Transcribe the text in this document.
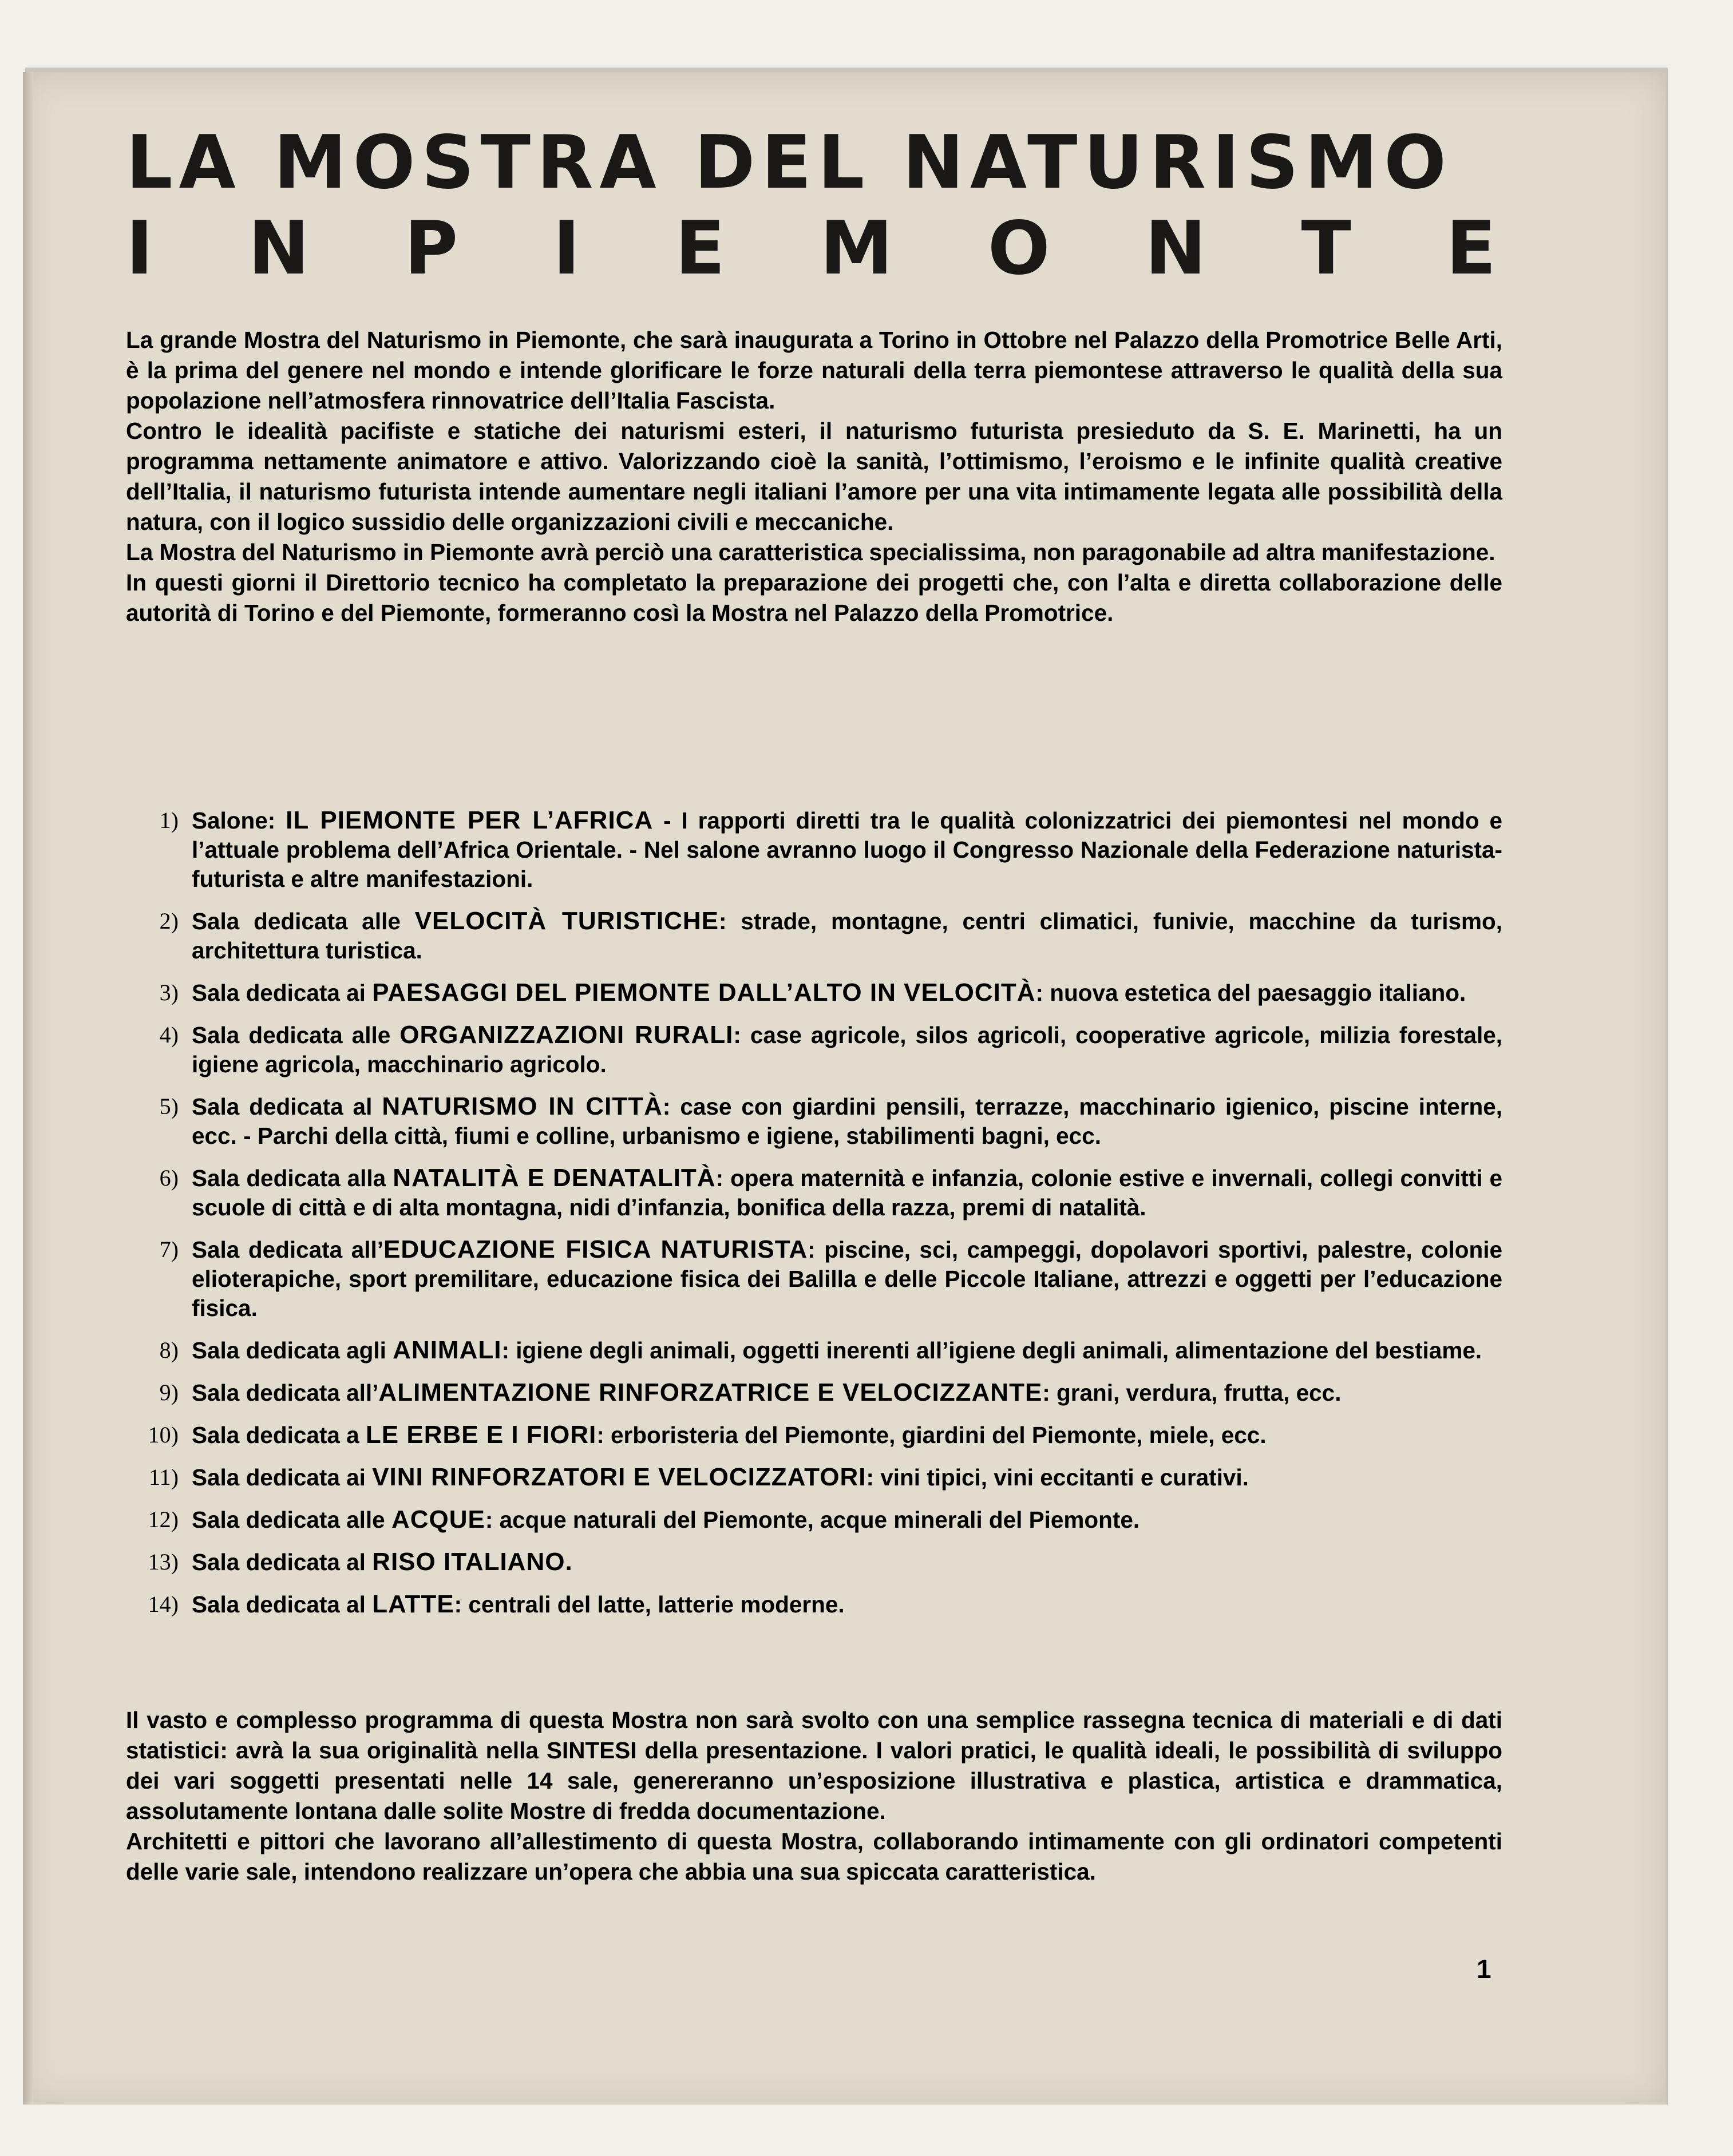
LA MOSTRA DEL NATURISMO
I N P I E M O N T E

La grande Mostra del Naturismo in Piemonte, che sarà inaugurata a Torino in Ottobre nel Palazzo della Promotrice Belle Arti, è la prima del genere nel mondo e intende glorificare le forze naturali della terra piemontese attraverso le qualità della sua popolazione nell’atmosfera rinnovatrice dell’Italia Fascista.

Contro le idealità pacifiste e statiche dei naturismi esteri, il naturismo futurista presieduto da S. E. Marinetti, ha un programma nettamente animatore e attivo. Valorizzando cioè la sanità, l’ottimismo, l’eroismo e le infinite qualità creative dell’Italia, il naturismo futurista intende aumentare negli italiani l’amore per una vita intimamente legata alle possibilità della natura, con il logico sussidio delle organizzazioni civili e meccaniche.

La Mostra del Naturismo in Piemonte avrà perciò una caratteristica specialissima, non paragonabile ad altra manifestazione.

In questi giorni il Direttorio tecnico ha completato la preparazione dei progetti che, con l’alta e diretta collaborazione delle autorità di Torino e del Piemonte, formeranno così la Mostra nel Palazzo della Promotrice.

1) Salone: IL PIEMONTE PER L’AFRICA - I rapporti diretti tra le qualità colonizzatrici dei piemontesi nel mondo e l’attuale problema dell’Africa Orientale. - Nel salone avranno luogo il Congresso Nazionale della Federazione naturista-futurista e altre manifestazioni.
2) Sala dedicata alle VELOCITÀ TURISTICHE: strade, montagne, centri climatici, funivie, macchine da turismo, architettura turistica.
3) Sala dedicata ai PAESAGGI DEL PIEMONTE DALL’ALTO IN VELOCITÀ: nuova estetica del paesaggio italiano.
4) Sala dedicata alle ORGANIZZAZIONI RURALI: case agricole, silos agricoli, cooperative agricole, milizia forestale, igiene agricola, macchinario agricolo.
5) Sala dedicata al NATURISMO IN CITTÀ: case con giardini pensili, terrazze, macchinario igienico, piscine interne, ecc. - Parchi della città, fiumi e colline, urbanismo e igiene, stabilimenti bagni, ecc.
6) Sala dedicata alla NATALITÀ E DENATALITÀ: opera maternità e infanzia, colonie estive e invernali, collegi convitti e scuole di città e di alta montagna, nidi d’infanzia, bonifica della razza, premi di natalità.
7) Sala dedicata all’EDUCAZIONE FISICA NATURISTA: piscine, sci, campeggi, dopolavori sportivi, palestre, colonie elioterapiche, sport premilitare, educazione fisica dei Balilla e delle Piccole Italiane, attrezzi e oggetti per l’educazione fisica.
8) Sala dedicata agli ANIMALI: igiene degli animali, oggetti inerenti all’igiene degli animali, alimentazione del bestiame.
9) Sala dedicata all’ALIMENTAZIONE RINFORZATRICE E VELOCIZZANTE: grani, verdura, frutta, ecc.
10) Sala dedicata a LE ERBE E I FIORI: erboristeria del Piemonte, giardini del Piemonte, miele, ecc.
11) Sala dedicata ai VINI RINFORZATORI E VELOCIZZATORI: vini tipici, vini eccitanti e curativi.
12) Sala dedicata alle ACQUE: acque naturali del Piemonte, acque minerali del Piemonte.
13) Sala dedicata al RISO ITALIANO.
14) Sala dedicata al LATTE: centrali del latte, latterie moderne.

Il vasto e complesso programma di questa Mostra non sarà svolto con una semplice rassegna tecnica di materiali e di dati statistici: avrà la sua originalità nella SINTESI della presentazione. I valori pratici, le qualità ideali, le possibilità di sviluppo dei vari soggetti presentati nelle 14 sale, genereranno un’esposizione illustrativa e plastica, artistica e drammatica, assolutamente lontana dalle solite Mostre di fredda documentazione.

Architetti e pittori che lavorano all’allestimento di questa Mostra, collaborando intimamente con gli ordinatori competenti delle varie sale, intendono realizzare un’opera che abbia una sua spiccata caratteristica.

1
